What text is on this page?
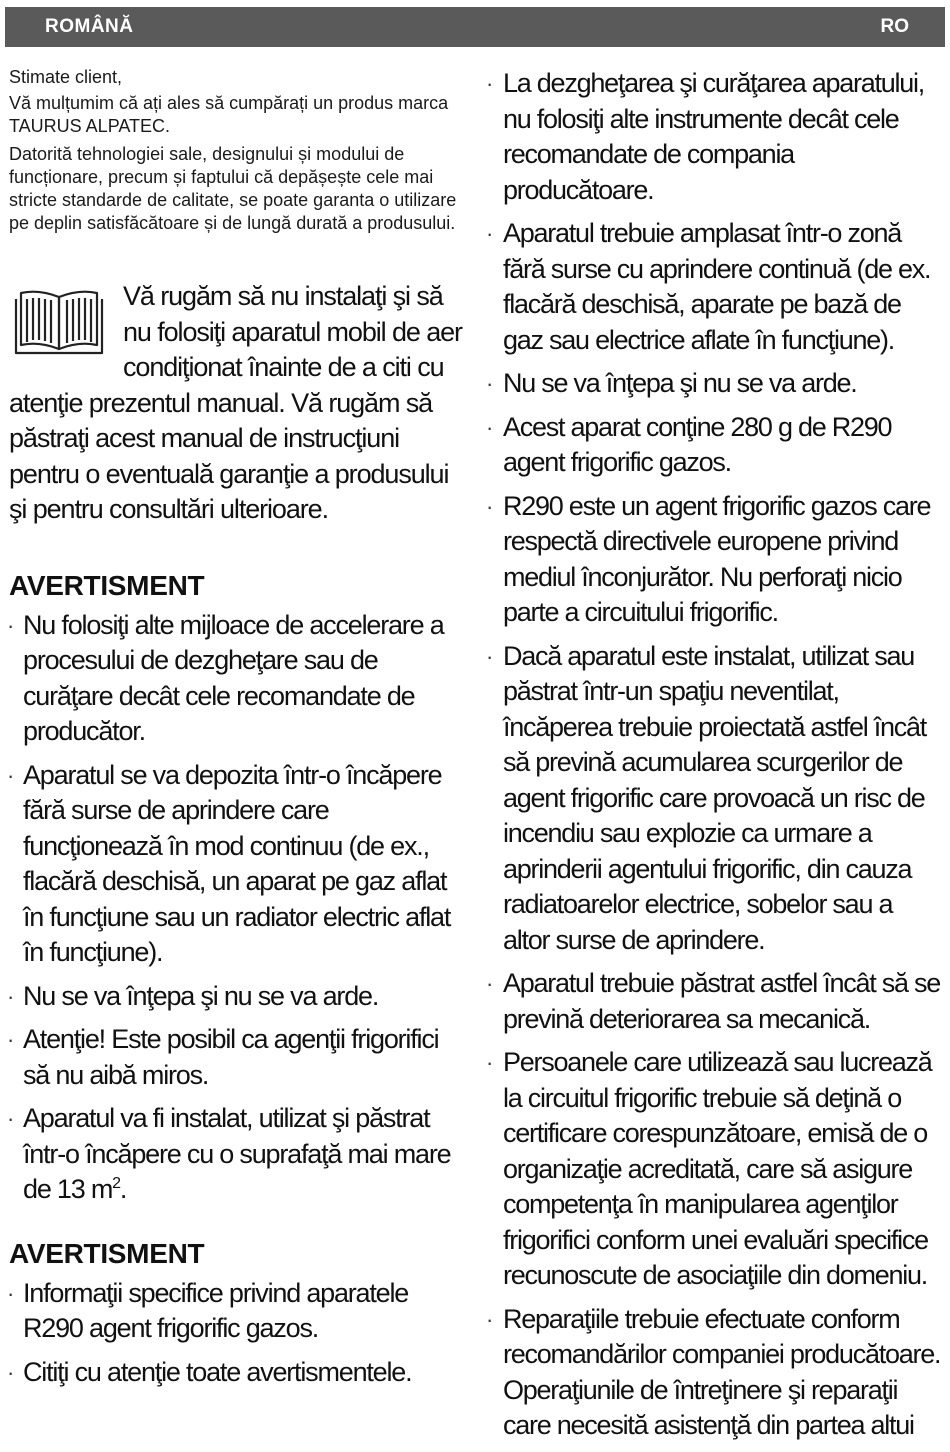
ROMÂNĂ	RO

Stimate client,

Vă mulțumim că ați ales să cumpărați un produs marca TAURUS ALPATEC.

Datorită tehnologiei sale, designului și modului de funcționare, precum și faptului că depășește cele mai stricte standarde de calitate, se poate garanta o utilizare pe deplin satisfăcătoare și de lungă durată a produsului.

Vă rugăm să nu instalaţi şi să

nu folosiţi aparatul mobil de aer

condiţionat înainte de a citi cu

atenţie prezentul manual. Vă rugăm să păstraţi acest manual de instrucţiuni pentru o eventuală garanţie a produsului şi pentru consultări ulterioare.

AVERTISMENT
· Nu folosiţi alte mijloace de accelerare a procesului de dezgheţare sau de curăţare decât cele recomandate de producător.
· Aparatul se va depozita într-o încăpere fără surse de aprindere care funcţionează în mod continuu (de ex., flacără deschisă, un aparat pe gaz aflat în funcţiune sau un radiator electric aflat în funcţiune).
· Nu se va înţepa şi nu se va arde.
· Atenţie! Este posibil ca agenţii frigorifici să nu aibă miros.
· Aparatul va fi instalat, utilizat şi păstrat într-o încăpere cu o suprafaţă mai mare de 13 $m^2$.
AVERTISMENT
· Informaţii specifice privind aparatele R290 agent frigorific gazos.
· Citiţi cu atenţie toate avertismentele.
· La dezgheţarea şi curăţarea aparatului, nu folosiţi alte instrumente decât cele recomandate de compania producătoare.
· Aparatul trebuie amplasat într-o zonă fără surse cu aprindere continuă (de ex. flacără deschisă, aparate pe bază de gaz sau electrice aflate în funcţiune).
· Nu se va înţepa şi nu se va arde.
· Acest aparat conţine 280 g de R290 agent frigorific gazos.
· R290 este un agent frigorific gazos care respectă directivele europene privind mediul înconjurător. Nu perforaţi nicio parte a circuitului frigorific.
· Dacă aparatul este instalat, utilizat sau păstrat într-un spaţiu neventilat, încăperea trebuie proiectată astfel încât să prevină acumularea scurgerilor de agent frigorific care provoacă un risc de incendiu sau explozie ca urmare a aprinderii agentului frigorific, din cauza radiatoarelor electrice, sobelor sau a altor surse de aprindere.
· Aparatul trebuie păstrat astfel încât să se prevină deteriorarea sa mecanică.
· Persoanele care utilizează sau lucrează la circuitul frigorific trebuie să deţină o certificare corespunzătoare, emisă de o organizaţie acreditată, care să asigure competenţa în manipularea agenţilor frigorifici conform unei evaluări specifice recunoscute de asociaţiile din domeniu.
· Reparaţiile trebuie efectuate conform recomandărilor companiei producătoare. Operaţiunile de întreţinere şi reparaţii care necesită asistenţă din partea altui
